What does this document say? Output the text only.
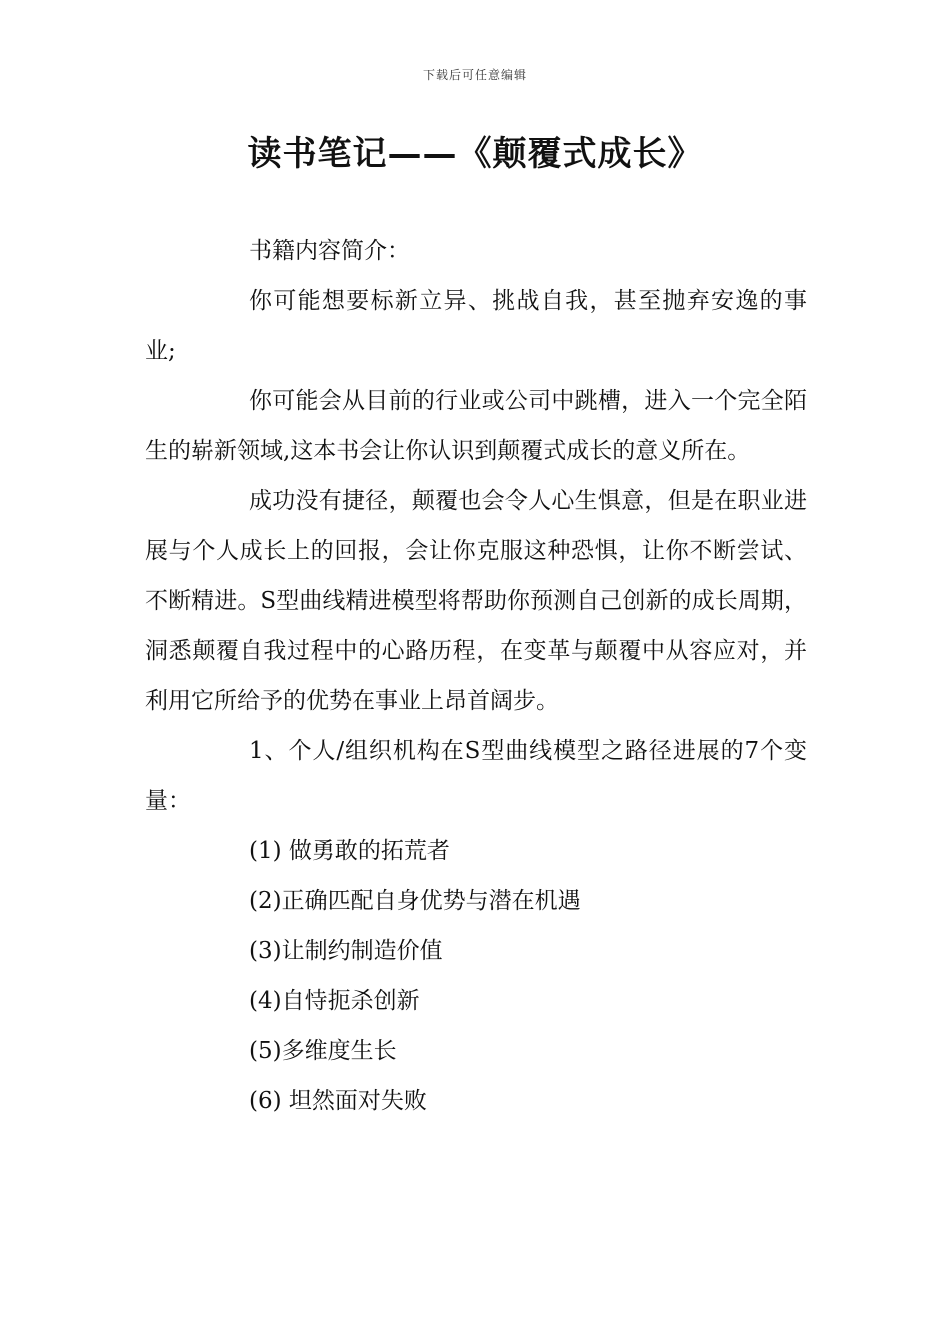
下载后可任意编辑
读书笔记——《颠覆式成长》

书籍内容简介：

你可能想要标新立异、挑战自我，甚至抛弃安逸的事业;

你可能会从目前的行业或公司中跳槽，进入一个完全陌生的崭新领域,这本书会让你认识到颠覆式成长的意义所在。

成功没有捷径，颠覆也会令人心生惧意，但是在职业进展与个人成长上的回报，会让你克服这种恐惧，让你不断尝试、不断精进。S型曲线精进模型将帮助你预测自己创新的成长周期，洞悉颠覆自我过程中的心路历程，在变革与颠覆中从容应对，并利用它所给予的优势在事业上昂首阔步。

1、个人/组织机构在S型曲线模型之路径进展的7个变量：

(1) 做勇敢的拓荒者

(2)正确匹配自身优势与潜在机遇

(3)让制约制造价值

(4)自恃扼杀创新

(5)多维度生长

(6) 坦然面对失败
